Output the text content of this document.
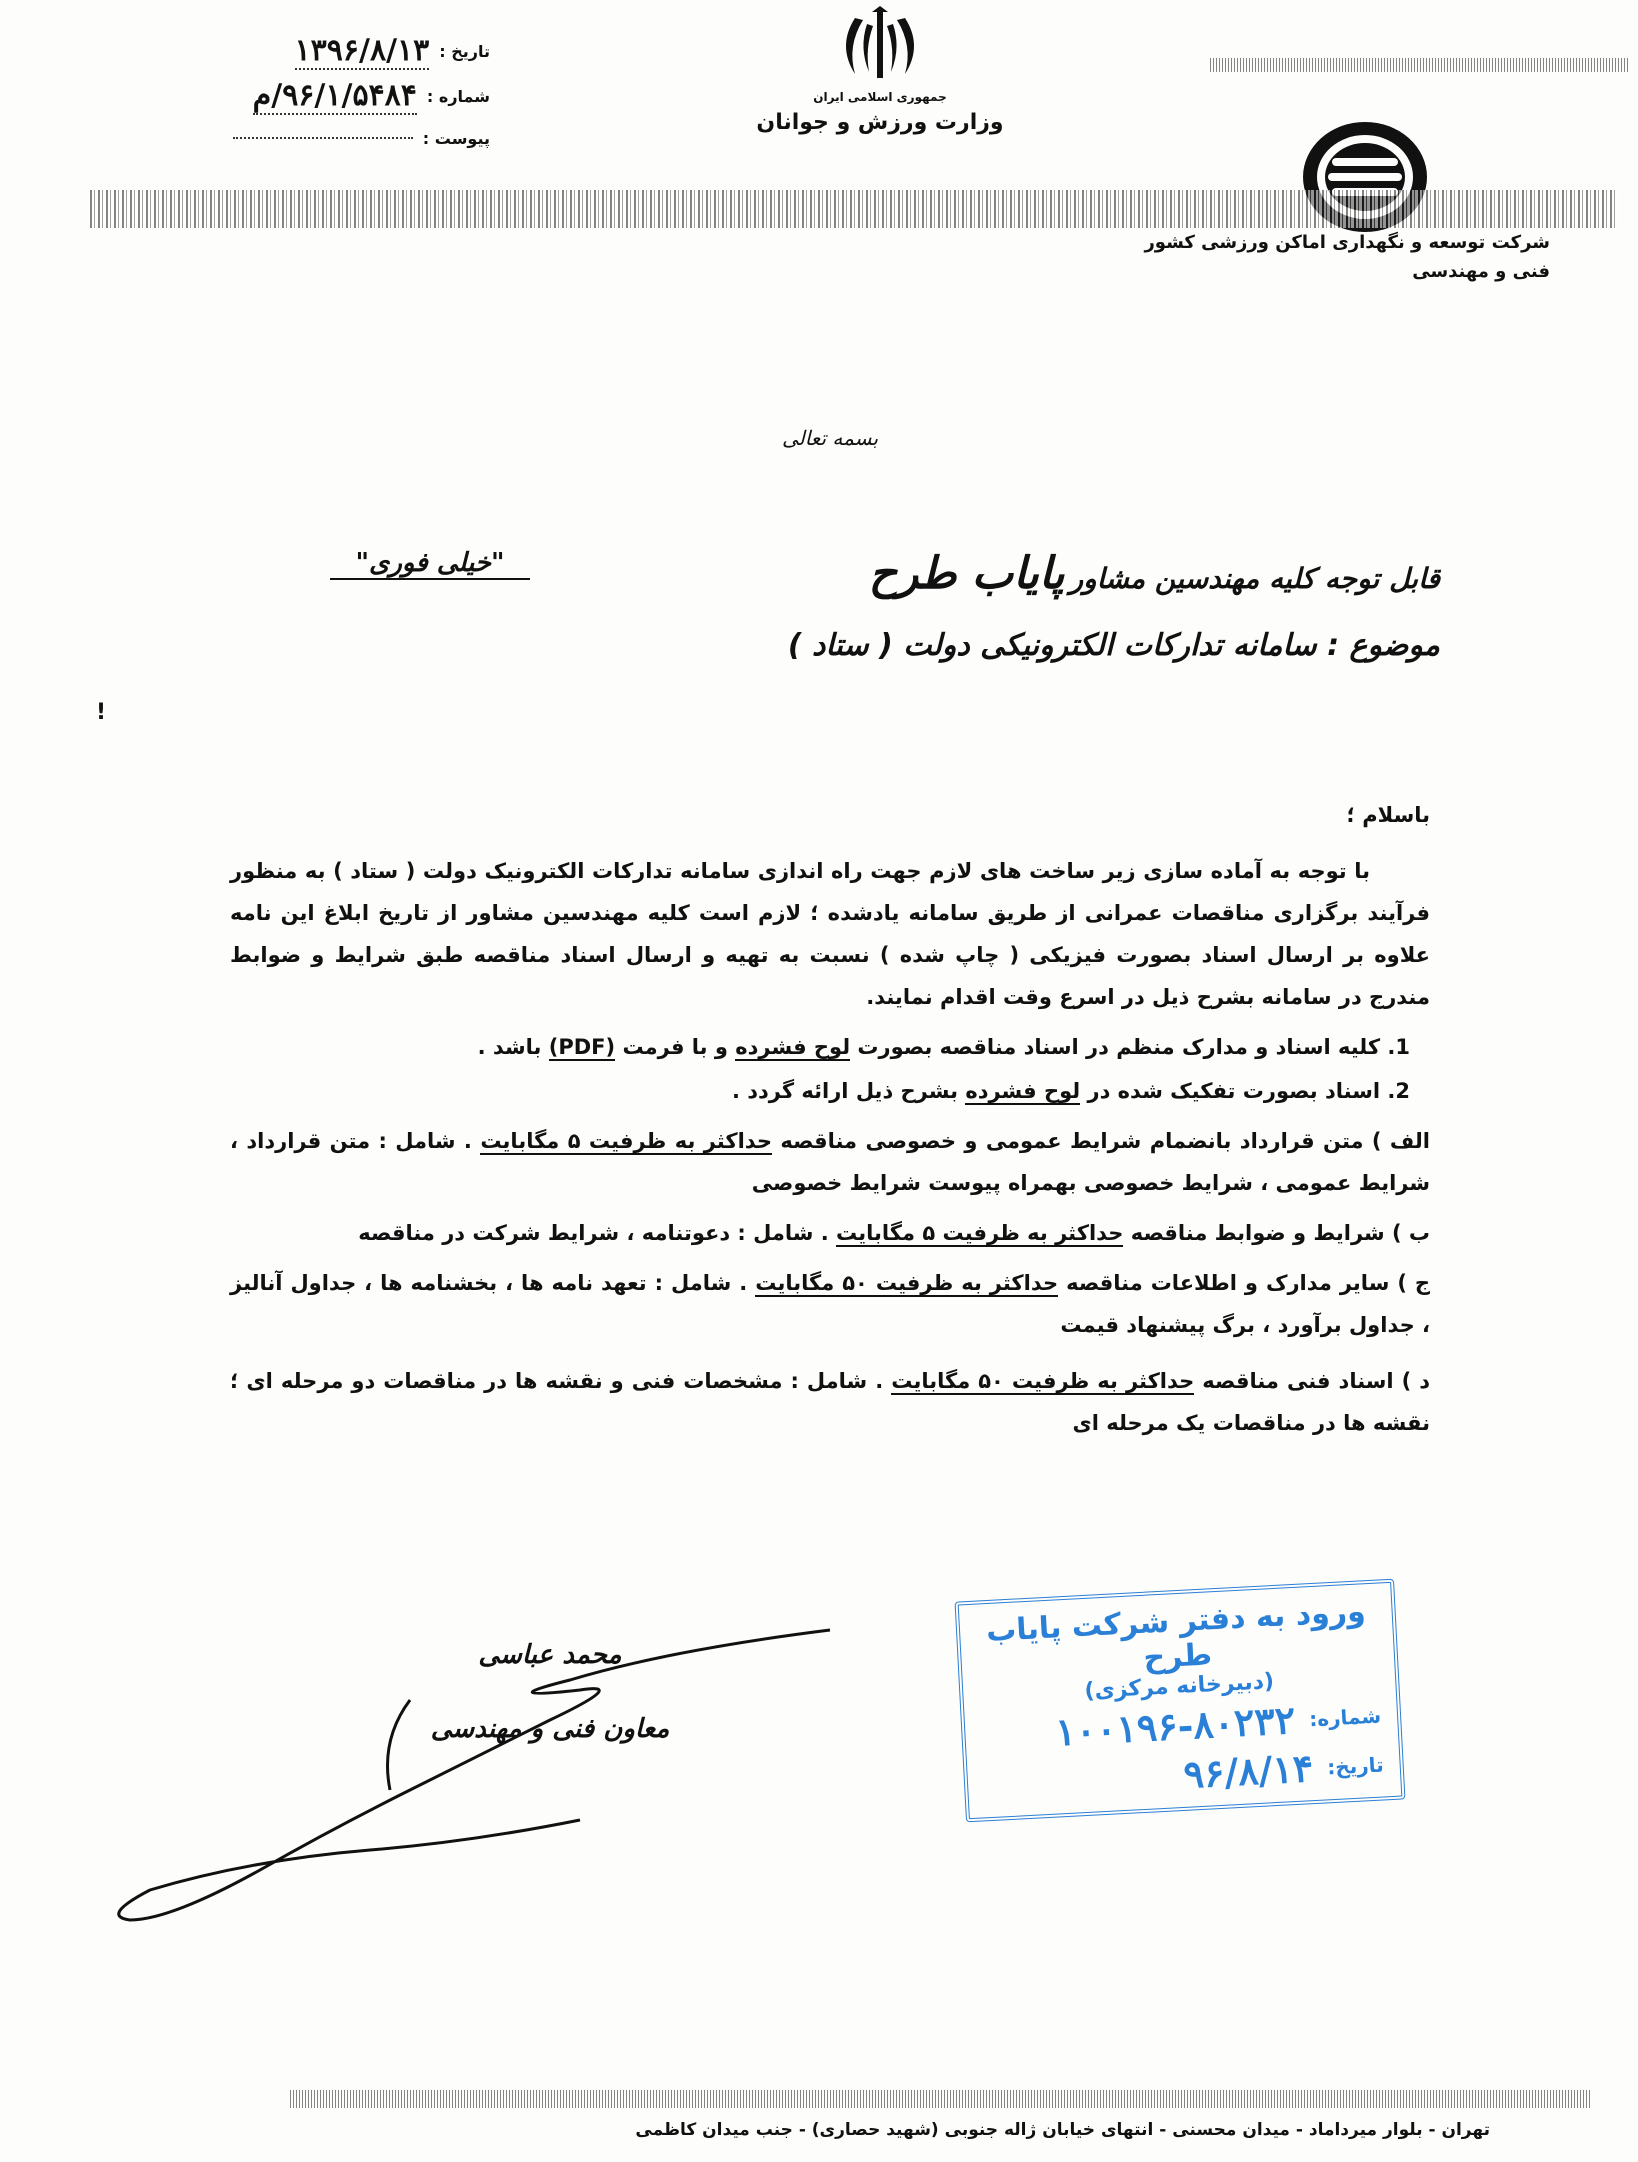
تاریخ :
۱۳۹۶/۸/۱۳
شماره :
۹۶/۱/۵۴۸۴/م
پیوست :
جمهوری اسلامی ایران
وزارت ورزش و جوانان
شرکت توسعه و نگهداری اماکن ورزشی کشور
فنی و مهندسی
بسمه تعالی
"خیلی فوری"	قابل توجه کلیه مهندسین مشاور پایاب طرح
موضوع : سامانه تدارکات الکترونیکی دولت ( ستاد )
!

باسلام ؛

با توجه به آماده سازی زیر ساخت های لازم جهت راه اندازی سامانه تدارکات الکترونیک دولت ( ستاد ) به منظور فرآیند برگزاری مناقصات عمرانی از طریق سامانه یادشده ؛ لازم است کلیه مهندسین مشاور از تاریخ ابلاغ این نامه علاوه بر ارسال اسناد بصورت فیزیکی ( چاپ شده ) نسبت به تهیه و ارسال اسناد مناقصه طبق شرایط و ضوابط مندرج در سامانه بشرح ذیل در اسرع وقت اقدام نمایند.

1. کلیه اسناد و مدارک منظم در اسناد مناقصه بصورت لوح فشرده و با فرمت (PDF) باشد .

2. اسناد بصورت تفکیک شده در لوح فشرده بشرح ذیل ارائه گردد .

الف ) متن قرارداد بانضمام شرایط عمومی و خصوصی مناقصه حداکثر به ظرفیت ۵ مگابایت . شامل : متن قرارداد ، شرایط عمومی ، شرایط خصوصی بهمراه پیوست شرایط خصوصی

ب ) شرایط و ضوابط مناقصه حداکثر به ظرفیت ۵ مگابایت . شامل : دعوتنامه ، شرایط شرکت در مناقصه

ج ) سایر مدارک و اطلاعات مناقصه حداکثر به ظرفیت ۵۰ مگابایت . شامل : تعهد نامه ها ، بخشنامه ها ، جداول آنالیز ، جداول برآورد ، برگ پیشنهاد قیمت

د ) اسناد فنی مناقصه حداکثر به ظرفیت ۵۰ مگابایت . شامل : مشخصات فنی و نقشه ها در مناقصات دو مرحله ای ؛ نقشه ها در مناقصات یک مرحله ای

محمد عباسی
معاون فنی و مهندسی
ورود به دفتر شرکت پایاب طرح
(دبیرخانه مرکزی)
شماره:
۱۰۰۱۹۶-۸۰۲۳۲
تاریخ:
۹۶/۸/۱۴
تهران - بلوار میرداماد - میدان محسنی - انتهای خیابان ژاله جنوبی (شهید حصاری) - جنب میدان کاظمی
